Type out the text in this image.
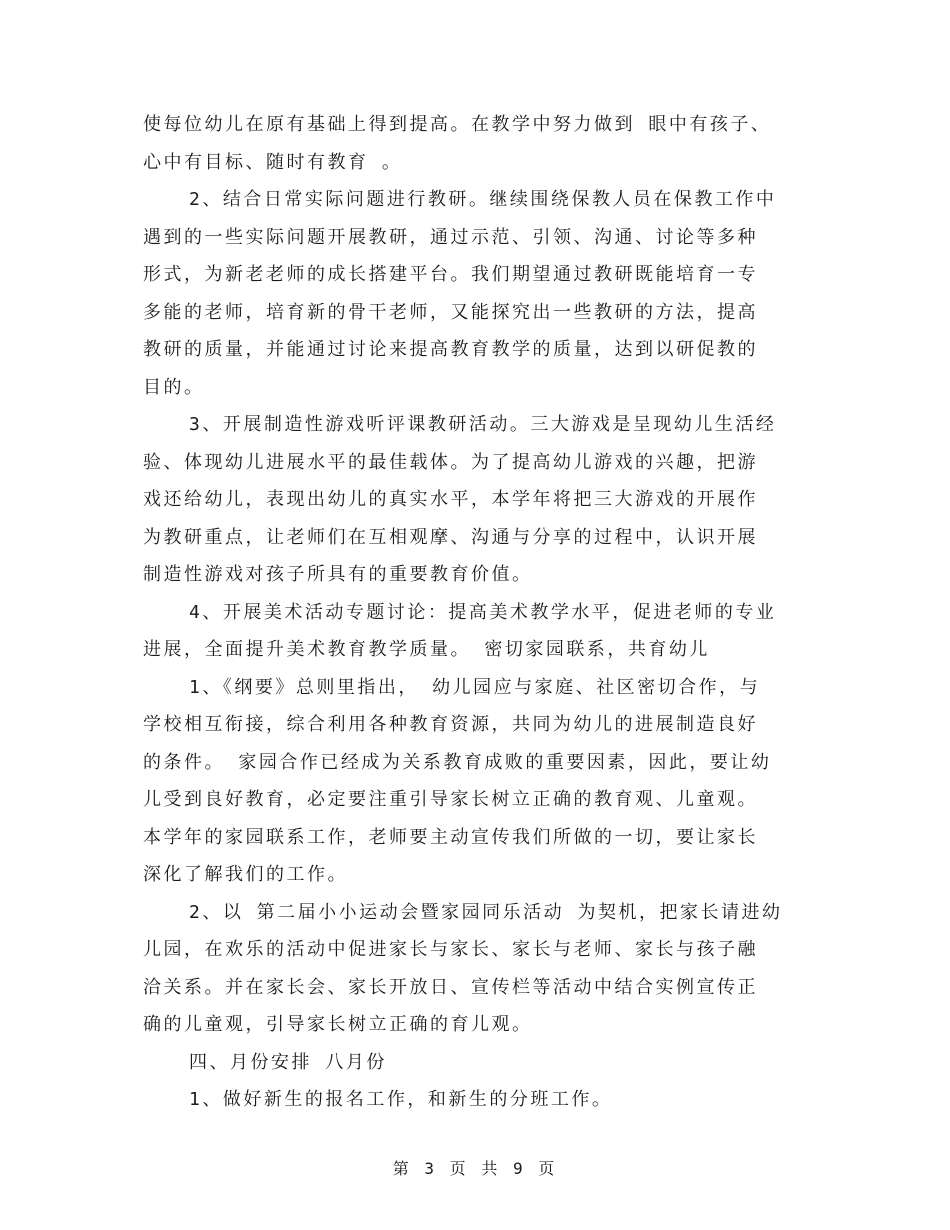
使每位幼儿在原有基础上得到提高。在教学中努力做到 眼中有孩子、
心中有目标、随时有教育 。
2、结合日常实际问题进行教研。继续围绕保教人员在保教工作中
遇到的一些实际问题开展教研，通过示范、引领、沟通、讨论等多种
形式，为新老老师的成长搭建平台。我们期望通过教研既能培育一专
多能的老师，培育新的骨干老师，又能探究出一些教研的方法，提高
教研的质量，并能通过讨论来提高教育教学的质量，达到以研促教的
目的。
3、开展制造性游戏听评课教研活动。三大游戏是呈现幼儿生活经
验、体现幼儿进展水平的最佳载体。为了提高幼儿游戏的兴趣，把游
戏还给幼儿，表现出幼儿的真实水平，本学年将把三大游戏的开展作
为教研重点，让老师们在互相观摩、沟通与分享的过程中，认识开展
制造性游戏对孩子所具有的重要教育价值。
4、开展美术活动专题讨论：提高美术教学水平，促进老师的专业
进展，全面提升美术教育教学质量。 密切家园联系，共育幼儿
1、《纲要》总则里指出， 幼儿园应与家庭、社区密切合作，与
学校相互衔接，综合利用各种教育资源，共同为幼儿的进展制造良好
的条件。 家园合作已经成为关系教育成败的重要因素，因此，要让幼
儿受到良好教育，必定要注重引导家长树立正确的教育观、儿童观。
本学年的家园联系工作，老师要主动宣传我们所做的一切，要让家长
深化了解我们的工作。
2、以 第二届小小运动会暨家园同乐活动 为契机，把家长请进幼
儿园，在欢乐的活动中促进家长与家长、家长与老师、家长与孩子融
洽关系。并在家长会、家长开放日、宣传栏等活动中结合实例宣传正
确的儿童观，引导家长树立正确的育儿观。
四、月份安排 八月份
1、做好新生的报名工作，和新生的分班工作。
第 3 页 共 9 页
